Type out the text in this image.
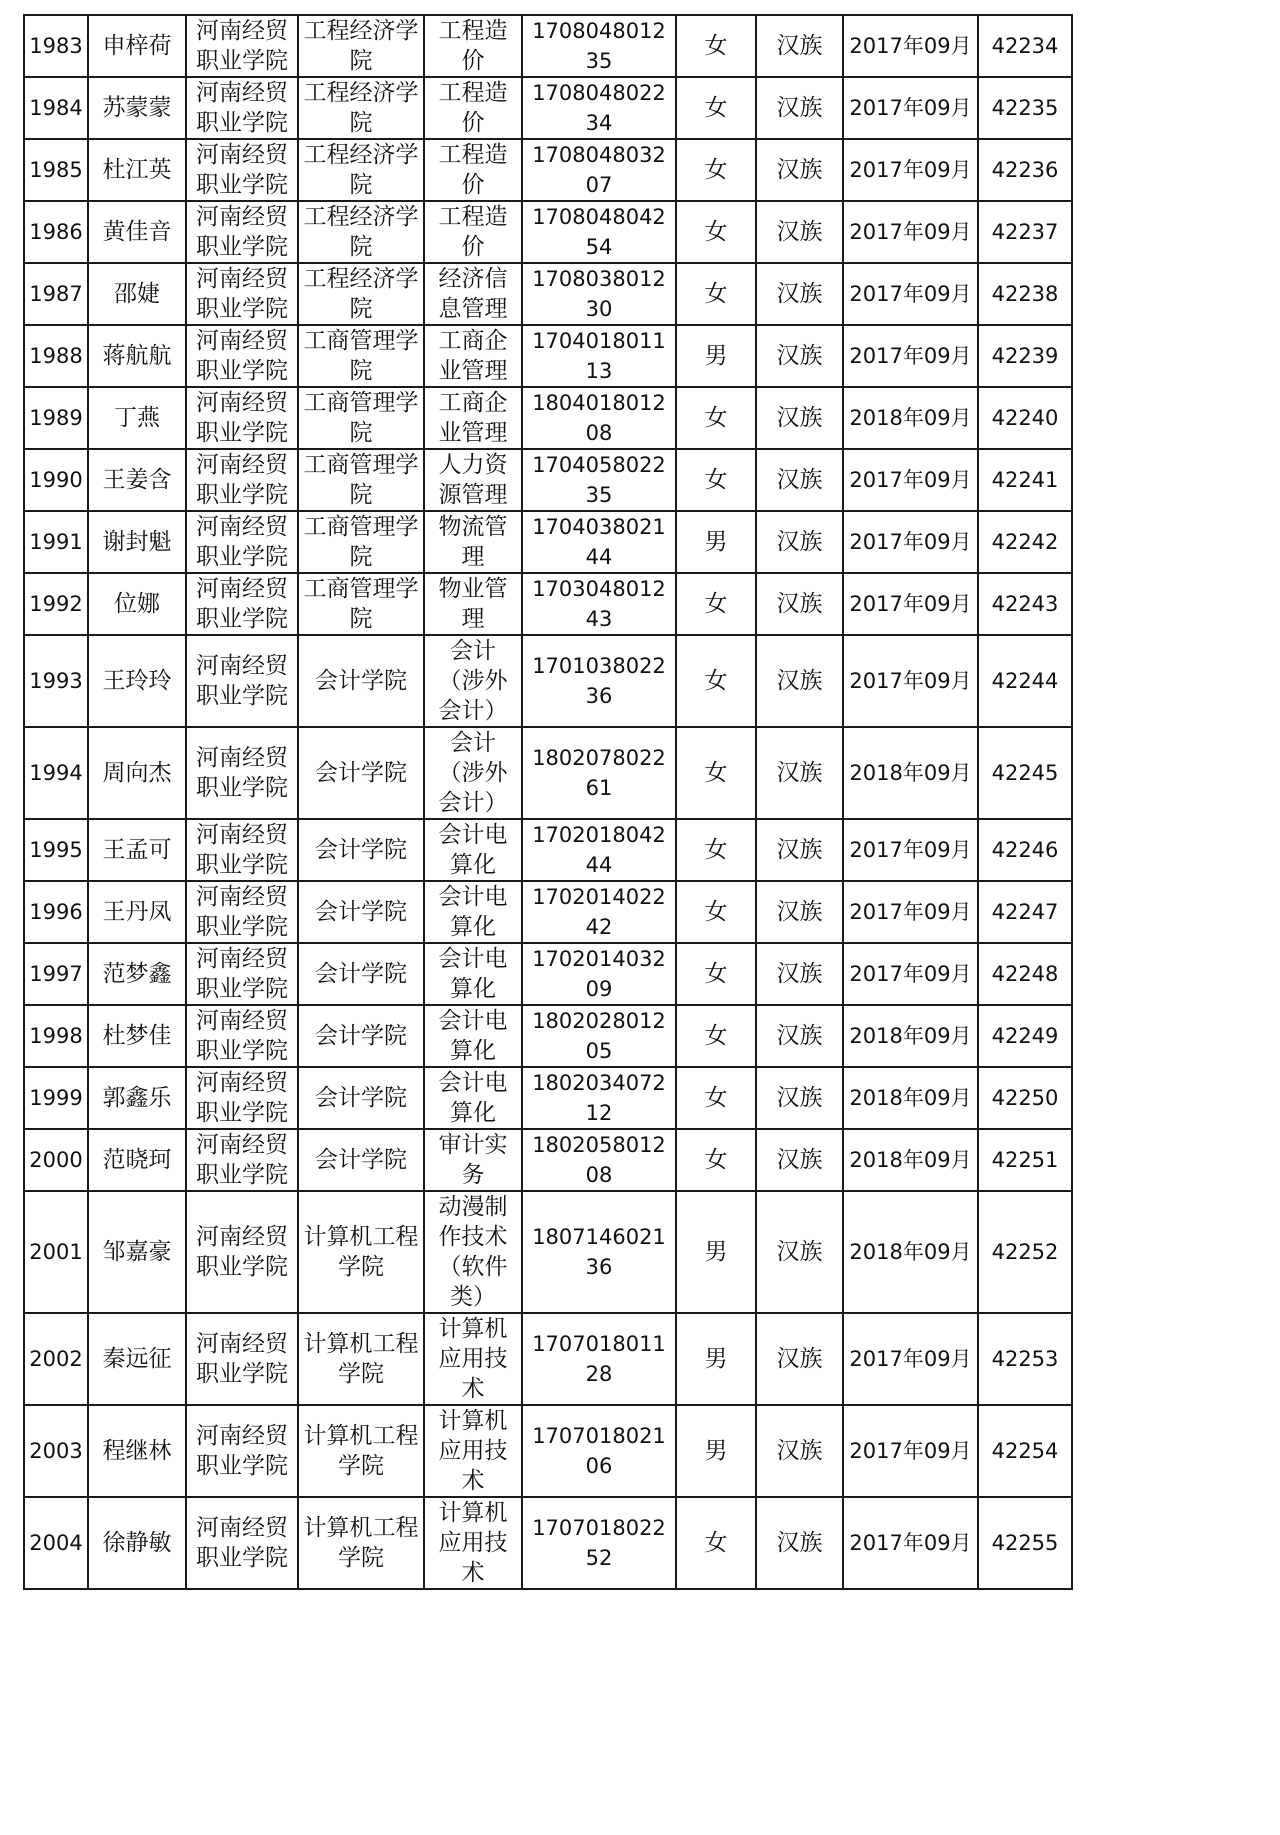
1983	申梓荷	河南经贸职业学院	工程经济学院	工程造价	170804801235	女	汉族	2017年09月	42234
1984	苏蒙蒙	河南经贸职业学院	工程经济学院	工程造价	170804802234	女	汉族	2017年09月	42235
1985	杜江英	河南经贸职业学院	工程经济学院	工程造价	170804803207	女	汉族	2017年09月	42236
1986	黄佳音	河南经贸职业学院	工程经济学院	工程造价	170804804254	女	汉族	2017年09月	42237
1987	邵婕	河南经贸职业学院	工程经济学院	经济信息管理	170803801230	女	汉族	2017年09月	42238
1988	蒋航航	河南经贸职业学院	工商管理学院	工商企业管理	170401801113	男	汉族	2017年09月	42239
1989	丁燕	河南经贸职业学院	工商管理学院	工商企业管理	180401801208	女	汉族	2018年09月	42240
1990	王姜含	河南经贸职业学院	工商管理学院	人力资源管理	170405802235	女	汉族	2017年09月	42241
1991	谢封魁	河南经贸职业学院	工商管理学院	物流管理	170403802144	男	汉族	2017年09月	42242
1992	位娜	河南经贸职业学院	工商管理学院	物业管理	170304801243	女	汉族	2017年09月	42243
1993	王玲玲	河南经贸职业学院	会计学院	会计（涉外会计）	170103802236	女	汉族	2017年09月	42244
1994	周向杰	河南经贸职业学院	会计学院	会计（涉外会计）	180207802261	女	汉族	2018年09月	42245
1995	王孟可	河南经贸职业学院	会计学院	会计电算化	170201804244	女	汉族	2017年09月	42246
1996	王丹凤	河南经贸职业学院	会计学院	会计电算化	170201402242	女	汉族	2017年09月	42247
1997	范梦鑫	河南经贸职业学院	会计学院	会计电算化	170201403209	女	汉族	2017年09月	42248
1998	杜梦佳	河南经贸职业学院	会计学院	会计电算化	180202801205	女	汉族	2018年09月	42249
1999	郭鑫乐	河南经贸职业学院	会计学院	会计电算化	180203407212	女	汉族	2018年09月	42250
2000	范晓珂	河南经贸职业学院	会计学院	审计实务	180205801208	女	汉族	2018年09月	42251
2001	邹嘉豪	河南经贸职业学院	计算机工程学院	动漫制作技术（软件类）	180714602136	男	汉族	2018年09月	42252
2002	秦远征	河南经贸职业学院	计算机工程学院	计算机应用技术	170701801128	男	汉族	2017年09月	42253
2003	程继林	河南经贸职业学院	计算机工程学院	计算机应用技术	170701802106	男	汉族	2017年09月	42254
2004	徐静敏	河南经贸职业学院	计算机工程学院	计算机应用技术	170701802252	女	汉族	2017年09月	42255
